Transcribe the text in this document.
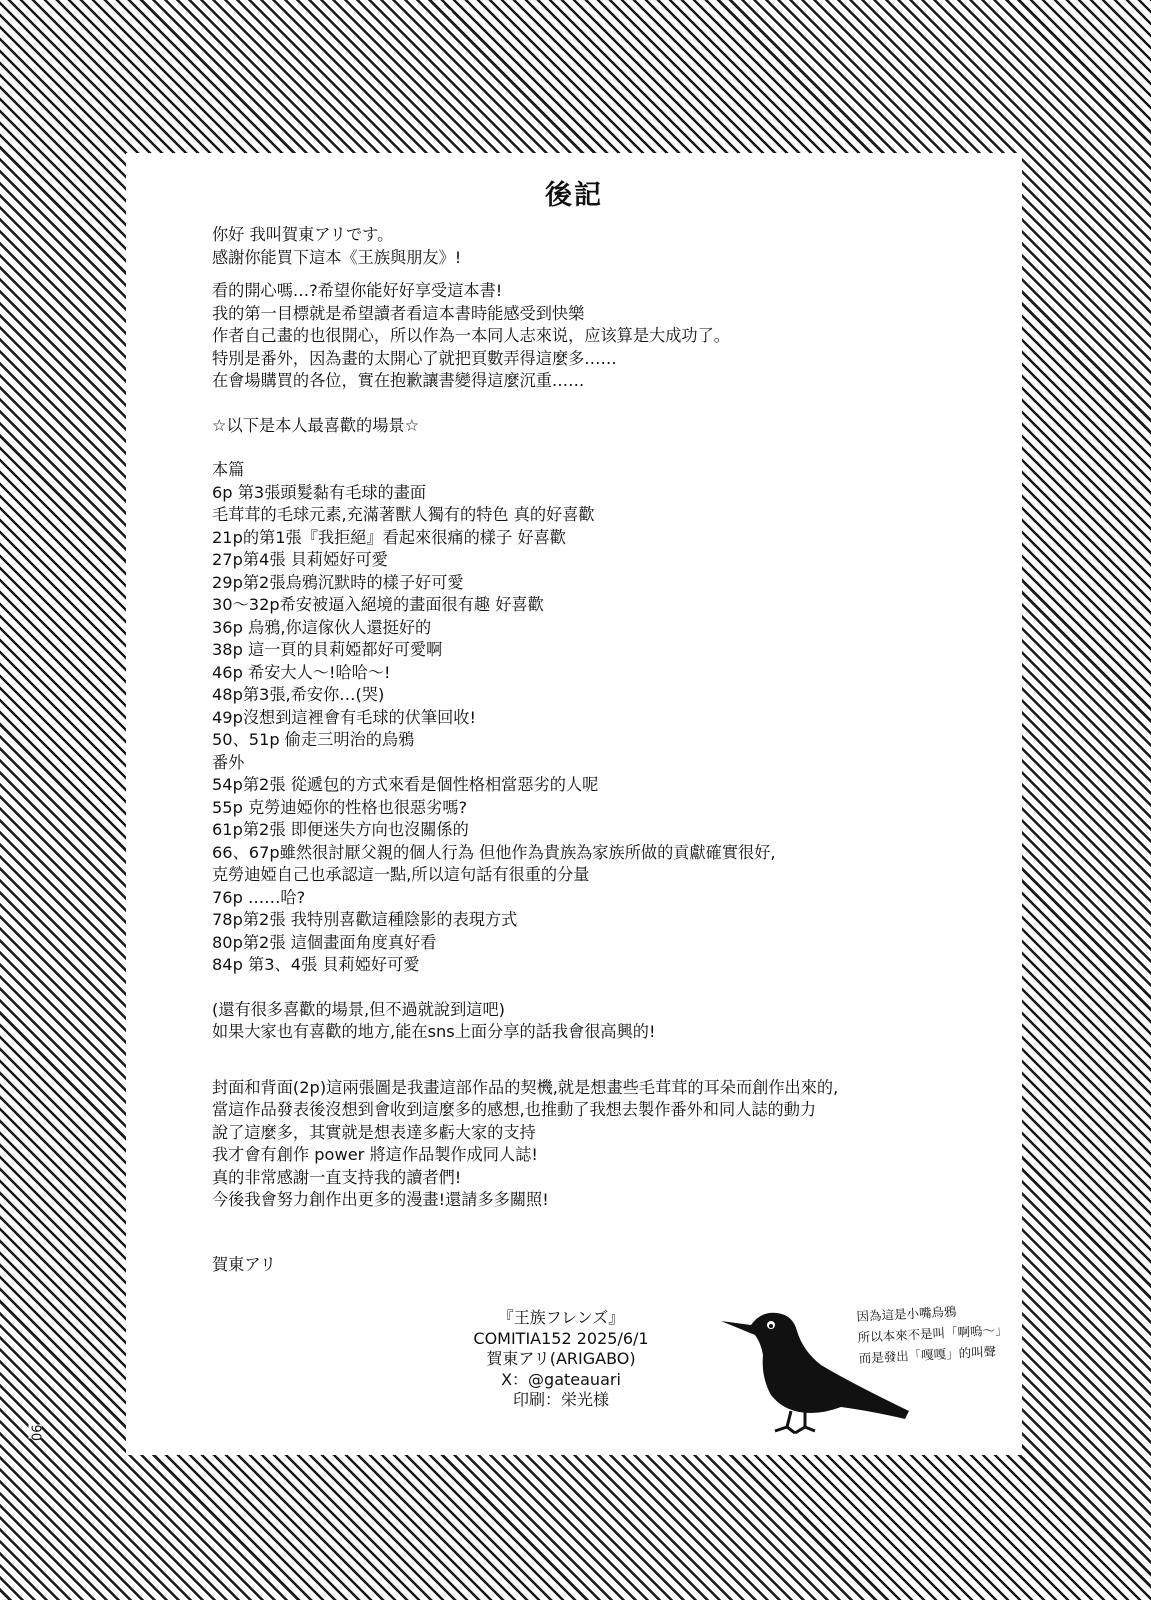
後記
你好 我叫賀東アリです。
感謝你能買下這本《王族與朋友》!
看的開心嗎…?希望你能好好享受這本書!
我的第一目標就是希望讀者看這本書時能感受到快樂
作者自己畫的也很開心，所以作為一本同人志來说，应该算是大成功了。
特別是番外，因為畫的太開心了就把頁數弄得這麼多……
在會場購買的各位，實在抱歉讓書變得這麼沉重……
☆以下是本人最喜歡的場景☆
本篇
6p 第3張頭髮黏有毛球的畫面
毛茸茸的毛球元素,充滿著獸人獨有的特色 真的好喜歡
21p的第1張『我拒絕』看起來很痛的樣子 好喜歡
27p第4張 貝莉婭好可愛
29p第2張烏鴉沉默時的樣子好可愛
30～32p希安被逼入絕境的畫面很有趣 好喜歡
36p 烏鴉,你這傢伙人還挺好的
38p 這一頁的貝莉婭都好可愛啊
46p 希安大人～!哈哈～!
48p第3張,希安你…(哭)
49p沒想到這裡會有毛球的伏筆回收!
50、51p 偷走三明治的烏鴉
番外
54p第2張 從遞包的方式來看是個性格相當惡劣的人呢
55p 克勞迪婭你的性格也很惡劣嗎?
61p第2張 即便迷失方向也沒關係的
66、67p雖然很討厭父親的個人行為 但他作為貴族為家族所做的貢獻確實很好,
克勞迪婭自己也承認這一點,所以這句話有很重的分量
76p ……哈?
78p第2張 我特別喜歡這種陰影的表現方式
80p第2張 這個畫面角度真好看
84p 第3、4張 貝莉婭好可愛
(還有很多喜歡的場景,但不過就說到這吧)
如果大家也有喜歡的地方,能在sns上面分享的話我會很高興的!
封面和背面(2p)這兩張圖是我畫這部作品的契機,就是想畫些毛茸茸的耳朵而創作出來的,
當這作品發表後沒想到會收到這麼多的感想,也推動了我想去製作番外和同人誌的動力
說了這麼多，其實就是想表達多虧大家的支持
我才會有創作 power 將這作品製作成同人誌!
真的非常感謝一直支持我的讀者們!
今後我會努力創作出更多的漫畫!還請多多關照!
賀東アリ
『王族フレンズ』
COMITIA152 2025/6/1
賀東アリ(ARIGABO)
X：@gateauari
印刷：栄光様
因為這是小嘴烏鴉
所以本來不是叫「啊嗚～」
而是發出「嘎嘎」的叫聲
90
